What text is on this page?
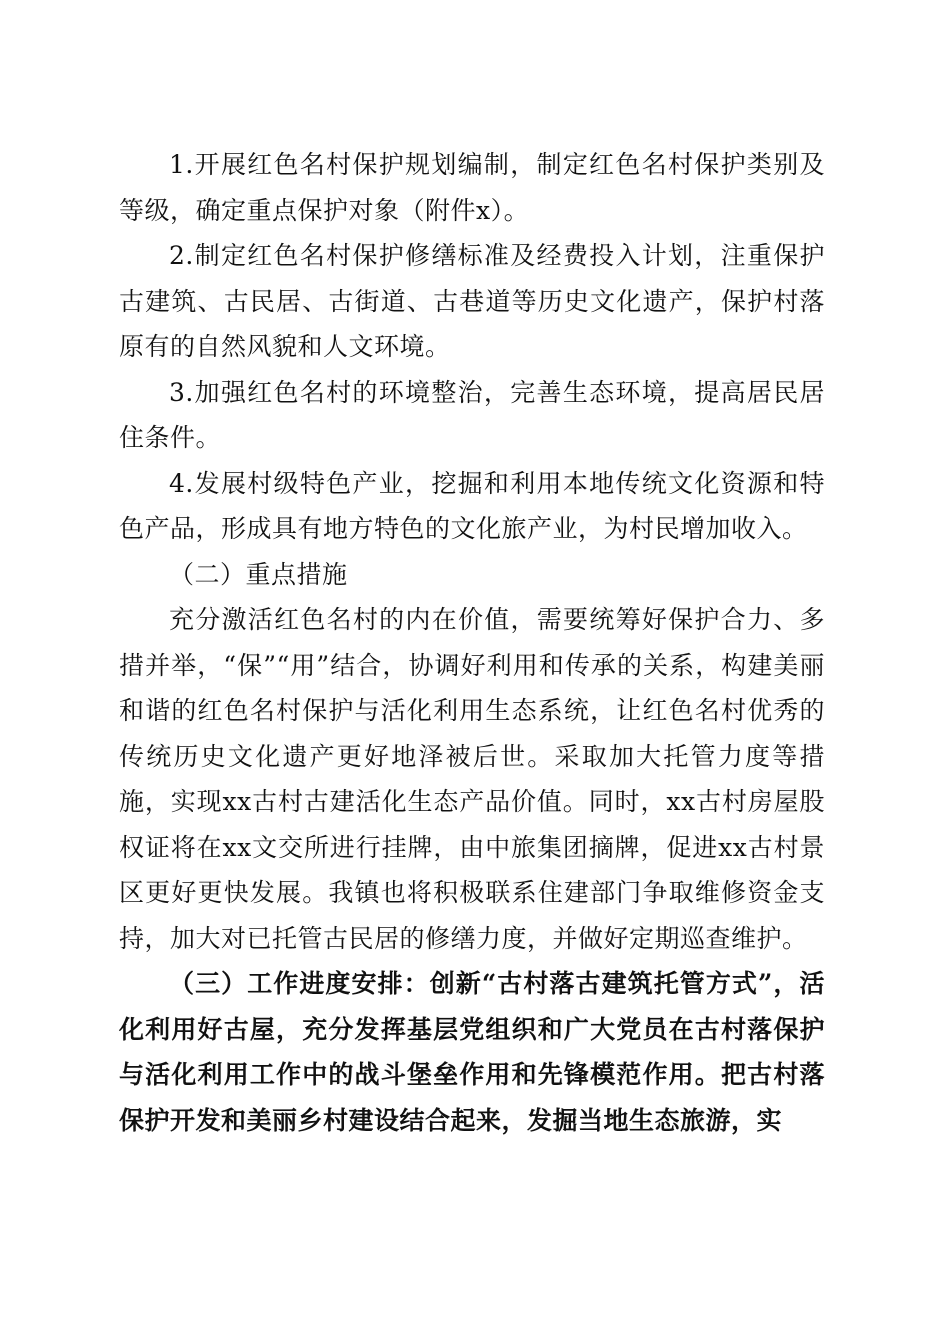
1.开展红色名村保护规划编制，制定红色名村保护类别及等级，确定重点保护对象（附件x）。

2.制定红色名村保护修缮标准及经费投入计划，注重保护古建筑、古民居、古街道、古巷道等历史文化遗产，保护村落原有的自然风貌和人文环境。

3.加强红色名村的环境整治，完善生态环境，提高居民居住条件。

4.发展村级特色产业，挖掘和利用本地传统文化资源和特色产品，形成具有地方特色的文化旅产业，为村民增加收入。

（二）重点措施

充分激活红色名村的内在价值，需要统筹好保护合力、多措并举，“保”“用”结合，协调好利用和传承的关系，构建美丽和谐的红色名村保护与活化利用生态系统，让红色名村优秀的传统历史文化遗产更好地泽被后世。采取加大托管力度等措施，实现xx古村古建活化生态产品价值。同时，xx古村房屋股权证将在xx文交所进行挂牌，由中旅集团摘牌，促进xx古村景区更好更快发展。我镇也将积极联系住建部门争取维修资金支持，加大对已托管古民居的修缮力度，并做好定期巡查维护。

（三）工作进度安排：创新“古村落古建筑托管方式”，活化利用好古屋，充分发挥基层党组织和广大党员在古村落保护与活化利用工作中的战斗堡垒作用和先锋模范作用。把古村落保护开发和美丽乡村建设结合起来，发掘当地生态旅游，实
